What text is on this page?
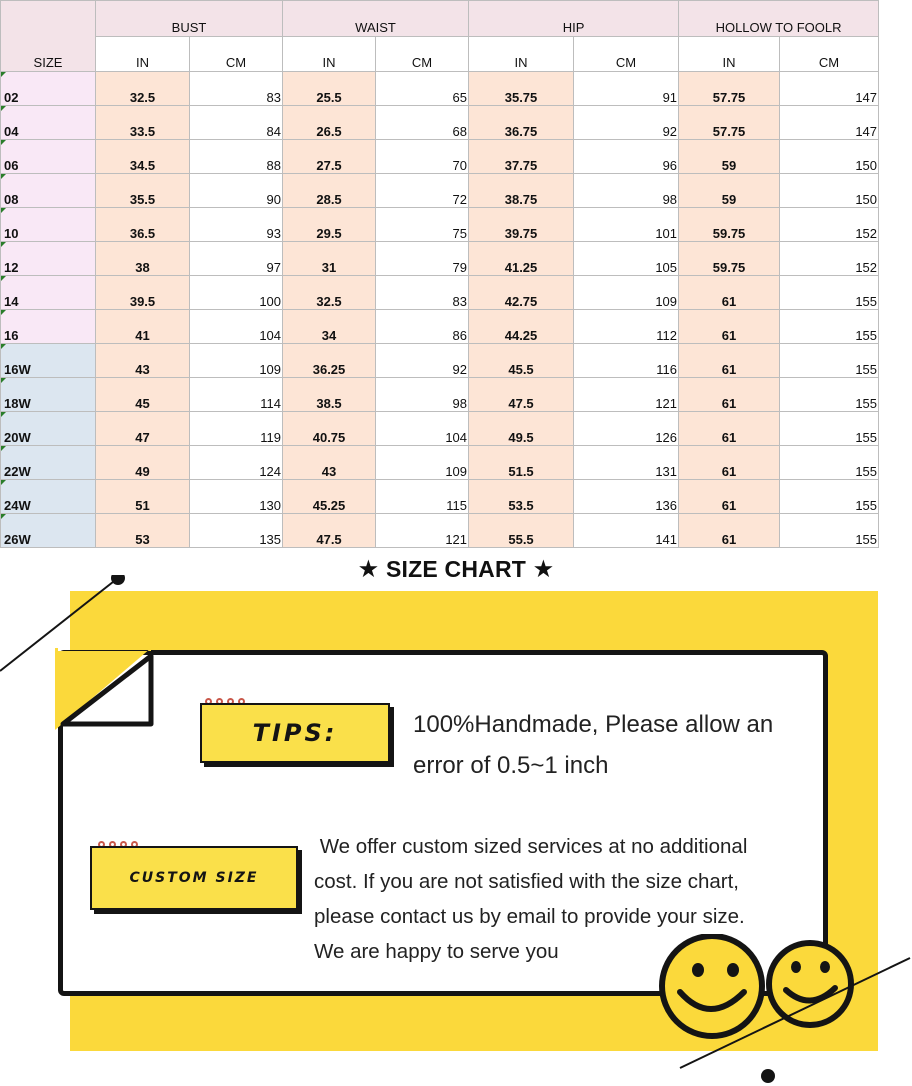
SIZE	BUST		WAIST		HIP		HOLLOW TO FOOLR	
	IN	CM	IN	CM	IN	CM	IN	CM
02	32.5	83	25.5	65	35.75	91	57.75	147
04	33.5	84	26.5	68	36.75	92	57.75	147
06	34.5	88	27.5	70	37.75	96	59	150
08	35.5	90	28.5	72	38.75	98	59	150
10	36.5	93	29.5	75	39.75	101	59.75	152
12	38	97	31	79	41.25	105	59.75	152
14	39.5	100	32.5	83	42.75	109	61	155
16	41	104	34	86	44.25	112	61	155
16W	43	109	36.25	92	45.5	116	61	155
18W	45	114	38.5	98	47.5	121	61	155
20W	47	119	40.75	104	49.5	126	61	155
22W	49	124	43	109	51.5	131	61	155
24W	51	130	45.25	115	53.5	136	61	155
26W	53	135	47.5	121	55.5	141	61	155
★ SIZE CHART ★
TIPS:	100%Handmade, Please allow an
error of 0.5~1 inch
CUSTOM SIZE
We offer custom sized services at no additional
cost. If you are not satisfied with the size chart,
please contact us by email to provide your size.
We are happy to serve you
